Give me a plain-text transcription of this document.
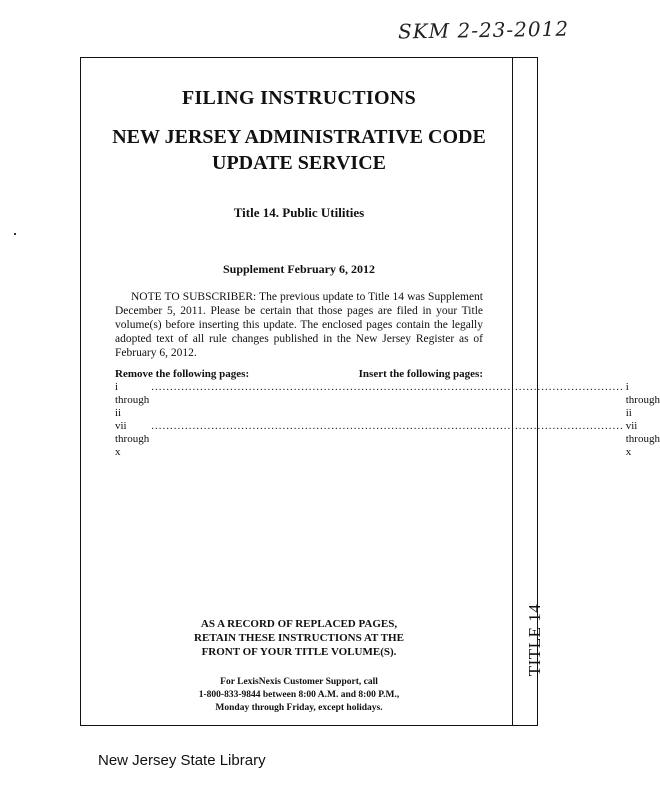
SKM 2-23-2012
TITLE 14
FILING INSTRUCTIONS
NEW JERSEY ADMINISTRATIVE CODE
UPDATE SERVICE
Title 14. Public Utilities
Supplement February 6, 2012

NOTE TO SUBSCRIBER: The previous update to Title 14 was Supplement December 5, 2011. Please be certain that those pages are filed in your Title volume(s) before inserting this update. The enclosed pages contain the legally adopted text of all rule changes published in the New Jersey Register as of February 6, 2012.

Remove the following pages:	Insert the following pages:
i through ii
.............................................................................................................................. i through ii
vii through x
.............................................................................................................................. vii through x
AS A RECORD OF REPLACED PAGES,
RETAIN THESE INSTRUCTIONS AT THE
FRONT OF YOUR TITLE VOLUME(S).
For LexisNexis Customer Support, call
1-800-833-9844 between 8:00 A.M. and 8:00 P.M.,
Monday through Friday, except holidays.
New Jersey State Library
